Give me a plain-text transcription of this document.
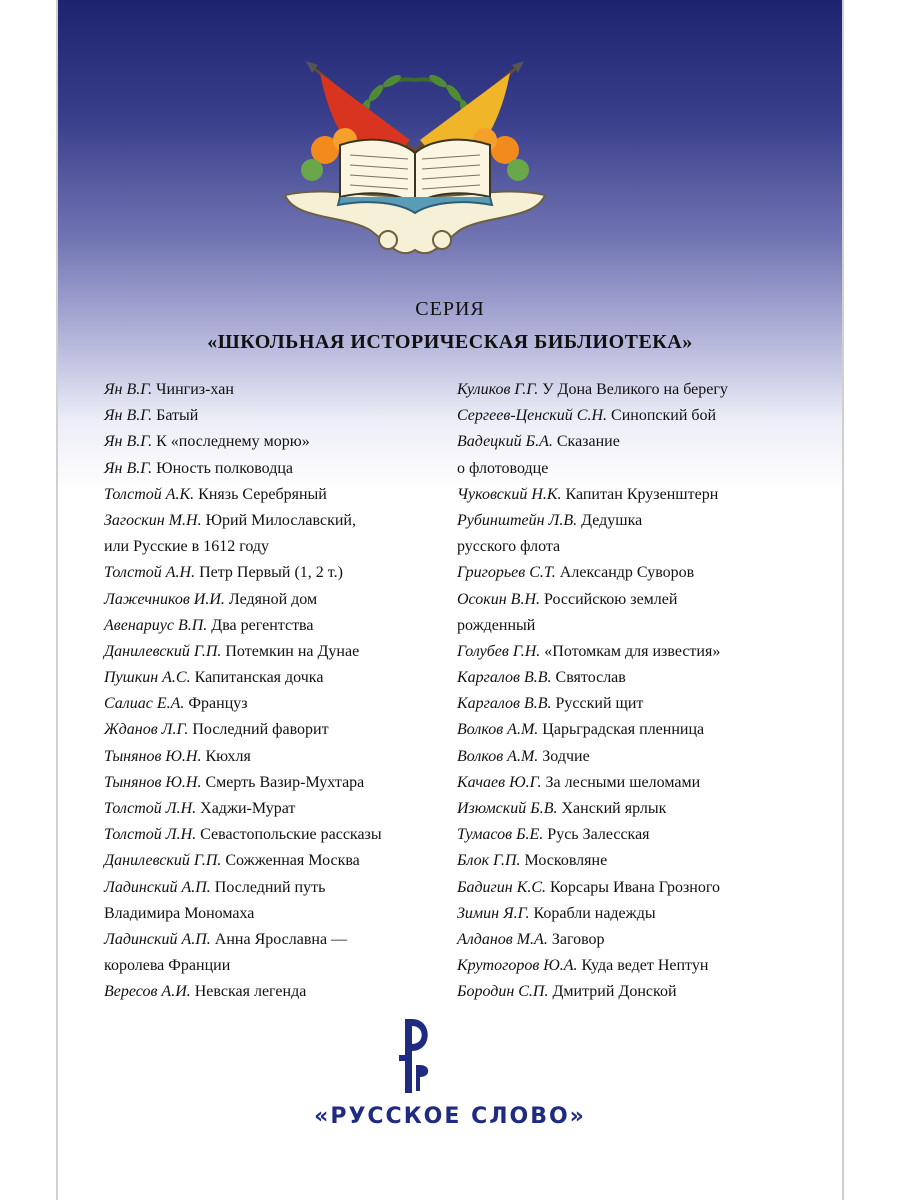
СЕРИЯ
«ШКОЛЬНАЯ ИСТОРИЧЕСКАЯ БИБЛИОТЕКА»
Ян В.Г. Чингиз-хан
Ян В.Г. Батый
Ян В.Г. К «последнему морю»
Ян В.Г. Юность полководца
Толстой А.К. Князь Серебряный
Загоскин М.Н. Юрий Милославский,
или Русские в 1612 году
Толстой А.Н. Петр Первый (1, 2 т.)
Лажечников И.И. Ледяной дом
Авенариус В.П. Два регентства
Данилевский Г.П. Потемкин на Дунае
Пушкин А.С. Капитанская дочка
Салиас Е.А. Француз
Жданов Л.Г. Последний фаворит
Тынянов Ю.Н. Кюхля
Тынянов Ю.Н. Смерть Вазир-Мухтара
Толстой Л.Н. Хаджи-Мурат
Толстой Л.Н. Севастопольские рассказы
Данилевский Г.П. Сожженная Москва
Ладинский А.П. Последний путь
Владимира Мономаха
Ладинский А.П. Анна Ярославна —
королева Франции
Вересов А.И. Невская легенда
Куликов Г.Г. У Дона Великого на берегу
Сергеев-Ценский С.Н. Синопский бой
Вадецкий Б.А. Сказание
о флотоводце
Чуковский Н.К. Капитан Крузенштерн
Рубинштейн Л.В. Дедушка
русского флота
Григорьев С.Т. Александр Суворов
Осокин В.Н. Российскою землей
рожденный
Голубев Г.Н. «Потомкам для известия»
Каргалов В.В. Святослав
Каргалов В.В. Русский щит
Волков А.М. Царьградская пленница
Волков А.М. Зодчие
Качаев Ю.Г. За лесными шеломами
Изюмский Б.В. Ханский ярлык
Тумасов Б.Е. Русь Залесская
Блок Г.П. Московляне
Бадигин К.С. Корсары Ивана Грозного
Зимин Я.Г. Корабли надежды
Алданов М.А. Заговор
Крутогоров Ю.А. Куда ведет Нептун
Бородин С.П. Дмитрий Донской
«РУССКОЕ СЛОВО»
